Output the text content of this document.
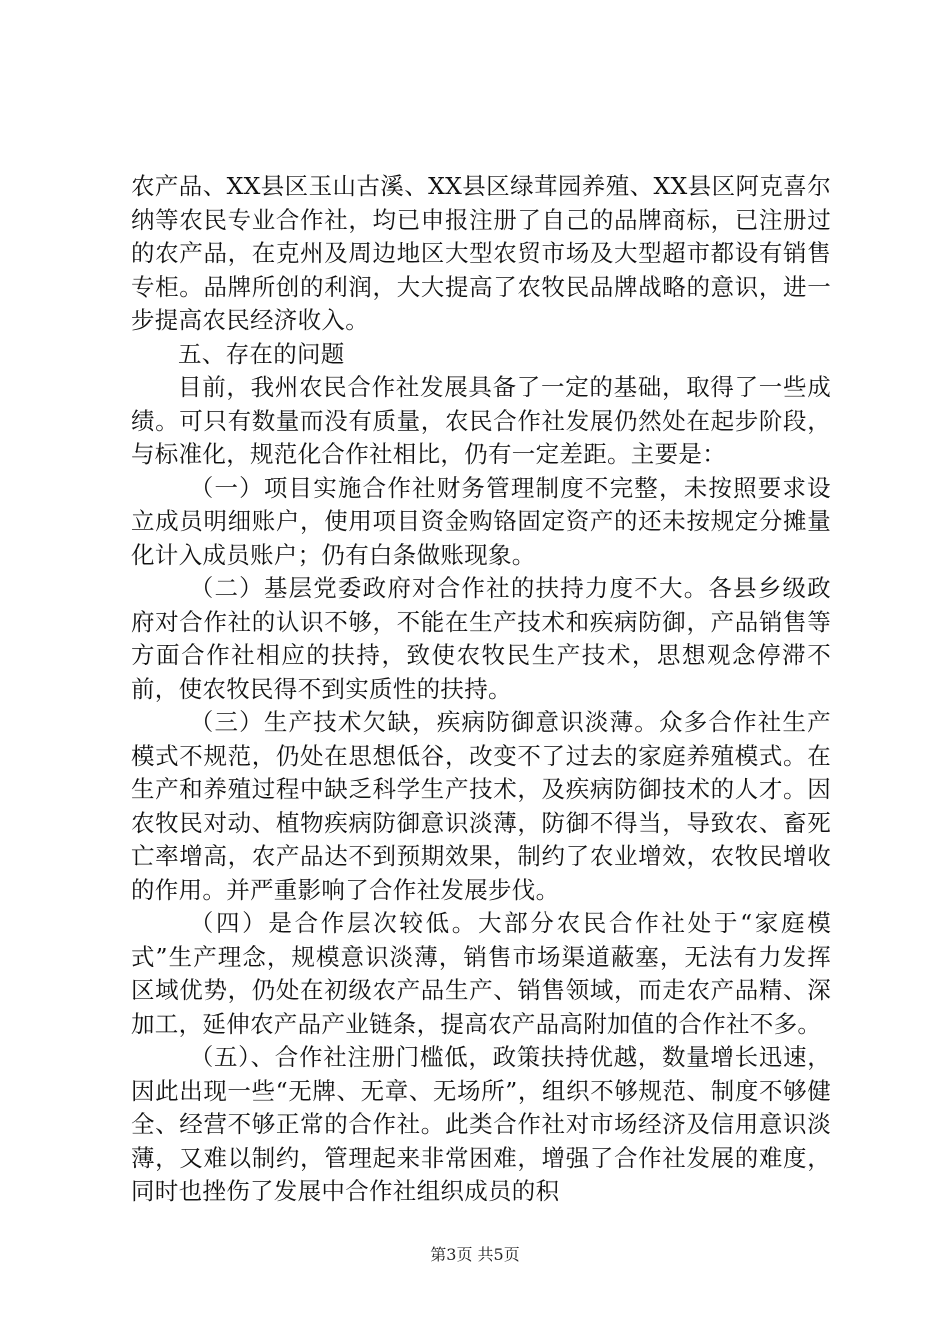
农产品、XX县区玉山古溪、XX县区绿茸园养殖、XX县区阿克喜尔纳等农民专业合作社，均已申报注册了自己的品牌商标，已注册过的农产品，在克州及周边地区大型农贸市场及大型超市都设有销售专柜。品牌所创的利润，大大提高了农牧民品牌战略的意识，进一步提高农民经济收入。

五、存在的问题

目前，我州农民合作社发展具备了一定的基础，取得了一些成绩。可只有数量而没有质量，农民合作社发展仍然处在起步阶段，与标准化，规范化合作社相比，仍有一定差距。主要是：

（一）项目实施合作社财务管理制度不完整，未按照要求设立成员明细账户，使用项目资金购铬固定资产的还未按规定分摊量化计入成员账户；仍有白条做账现象。

（二）基层党委政府对合作社的扶持力度不大。各县乡级政府对合作社的认识不够，不能在生产技术和疾病防御，产品销售等方面合作社相应的扶持，致使农牧民生产技术，思想观念停滞不前，使农牧民得不到实质性的扶持。

（三）生产技术欠缺，疾病防御意识淡薄。众多合作社生产模式不规范，仍处在思想低谷，改变不了过去的家庭养殖模式。在生产和养殖过程中缺乏科学生产技术，及疾病防御技术的人才。因农牧民对动、植物疾病防御意识淡薄，防御不得当，导致农、畜死亡率增高，农产品达不到预期效果，制约了农业增效，农牧民增收的作用。并严重影响了合作社发展步伐。

（四）是合作层次较低。大部分农民合作社处于“家庭模式”生产理念，规模意识淡薄，销售市场渠道蔽塞，无法有力发挥区域优势，仍处在初级农产品生产、销售领域，而走农产品精、深加工，延伸农产品产业链条，提高农产品高附加值的合作社不多。

（五）、合作社注册门槛低，政策扶持优越，数量增长迅速，因此出现一些“无牌、无章、无场所”，组织不够规范、制度不够健全、经营不够正常的合作社。此类合作社对市场经济及信用意识淡薄，又难以制约，管理起来非常困难，增强了合作社发展的难度，同时也挫伤了发展中合作社组织成员的积

第3页 共5页
